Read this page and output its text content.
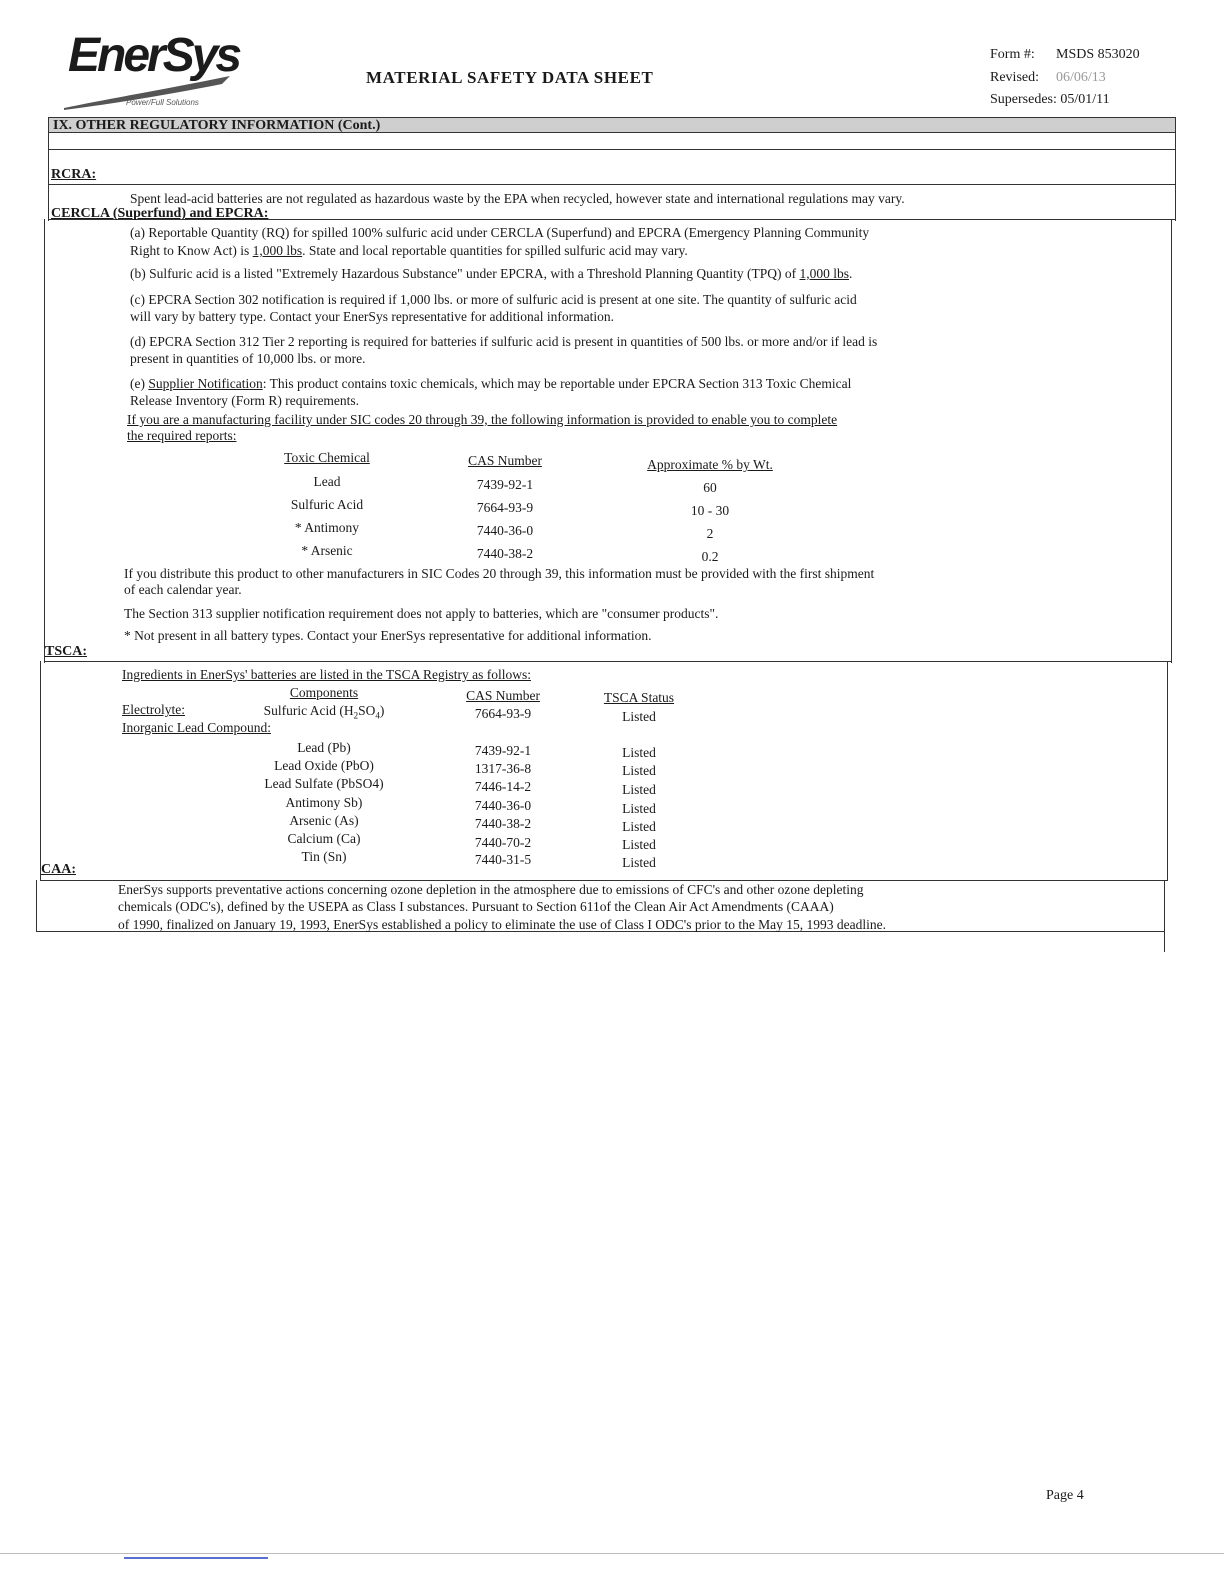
EnerSys
Power/Full Solutions
MATERIAL SAFETY DATA SHEET
Form #: MSDS 853020
Revised: 06/06/13
Supersedes: 05/01/11
IX. OTHER REGULATORY INFORMATION (Cont.)
RCRA:
Spent lead-acid batteries are not regulated as hazardous waste by the EPA when recycled, however state and international regulations may vary.
CERCLA (Superfund) and EPCRA:
(a) Reportable Quantity (RQ) for spilled 100% sulfuric acid under CERCLA (Superfund) and EPCRA (Emergency Planning Community
Right to Know Act) is 1,000 lbs. State and local reportable quantities for spilled sulfuric acid may vary.
(b) Sulfuric acid is a listed "Extremely Hazardous Substance" under EPCRA, with a Threshold Planning Quantity (TPQ) of 1,000 lbs.
(c) EPCRA Section 302 notification is required if 1,000 lbs. or more of sulfuric acid is present at one site. The quantity of sulfuric acid
will vary by battery type. Contact your EnerSys representative for additional information.
(d) EPCRA Section 312 Tier 2 reporting is required for batteries if sulfuric acid is present in quantities of 500 lbs. or more and/or if lead is
present in quantities of 10,000 lbs. or more.
(e) Supplier Notification: This product contains toxic chemicals, which may be reportable under EPCRA Section 313 Toxic Chemical
Release Inventory (Form R) requirements.
If you are a manufacturing facility under SIC codes 20 through 39, the following information is provided to enable you to complete
the required reports:
Toxic Chemical	CAS Number	Approximate % by Wt.
Lead	7439-92-1	60
Sulfuric Acid	7664-93-9	10 - 30
* Antimony	7440-36-0	2
* Arsenic	7440-38-2	0.2
If you distribute this product to other manufacturers in SIC Codes 20 through 39, this information must be provided with the first shipment
of each calendar year.
The Section 313 supplier notification requirement does not apply to batteries, which are "consumer products".
* Not present in all battery types. Contact your EnerSys representative for additional information.
TSCA:
Ingredients in EnerSys' batteries are listed in the TSCA Registry as follows:
Components	CAS Number	TSCA Status
Electrolyte:	Sulfuric Acid $(H_2SO_4)$	7664-93-9	Listed
Inorganic Lead Compound:
Lead (Pb)	7439-92-1	Listed
Lead Oxide (PbO)	1317-36-8	Listed
Lead Sulfate (PbSO4)	7446-14-2	Listed
Antimony Sb)	7440-36-0	Listed
Arsenic (As)	7440-38-2	Listed
Calcium (Ca)	7440-70-2	Listed
Tin (Sn)	7440-31-5	Listed
CAA:
EnerSys supports preventative actions concerning ozone depletion in the atmosphere due to emissions of CFC's and other ozone depleting
chemicals (ODC's), defined by the USEPA as Class I substances. Pursuant to Section 611of the Clean Air Act Amendments (CAAA)
of 1990, finalized on January 19, 1993, EnerSys established a policy to eliminate the use of Class I ODC's prior to the May 15, 1993 deadline.
Page 4
